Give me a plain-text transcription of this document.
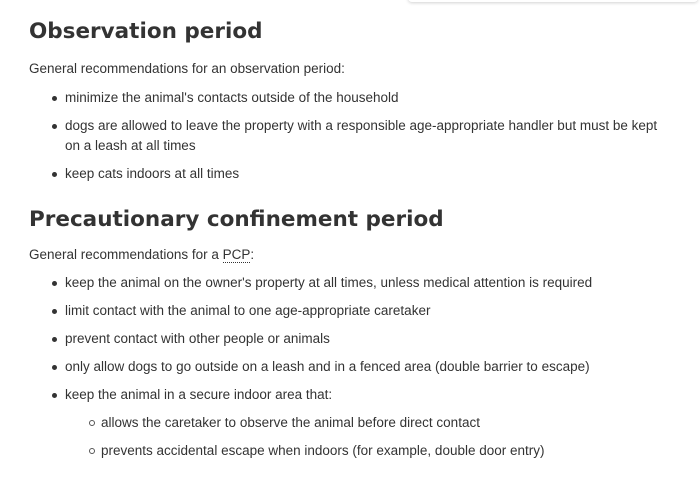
Observation period

General recommendations for an observation period:

minimize the animal's contacts outside of the household
dogs are allowed to leave the property with a responsible age-appropriate handler but must be kept on a leash at all times
keep cats indoors at all times
Precautionary confinement period

General recommendations for a PCP:

keep the animal on the owner's property at all times, unless medical attention is required
limit contact with the animal to one age-appropriate caretaker
prevent contact with other people or animals
only allow dogs to go outside on a leash and in a fenced area (double barrier to escape)
keep the animal in a secure indoor area that:
allows the caretaker to observe the animal before direct contact
prevents accidental escape when indoors (for example, double door entry)
